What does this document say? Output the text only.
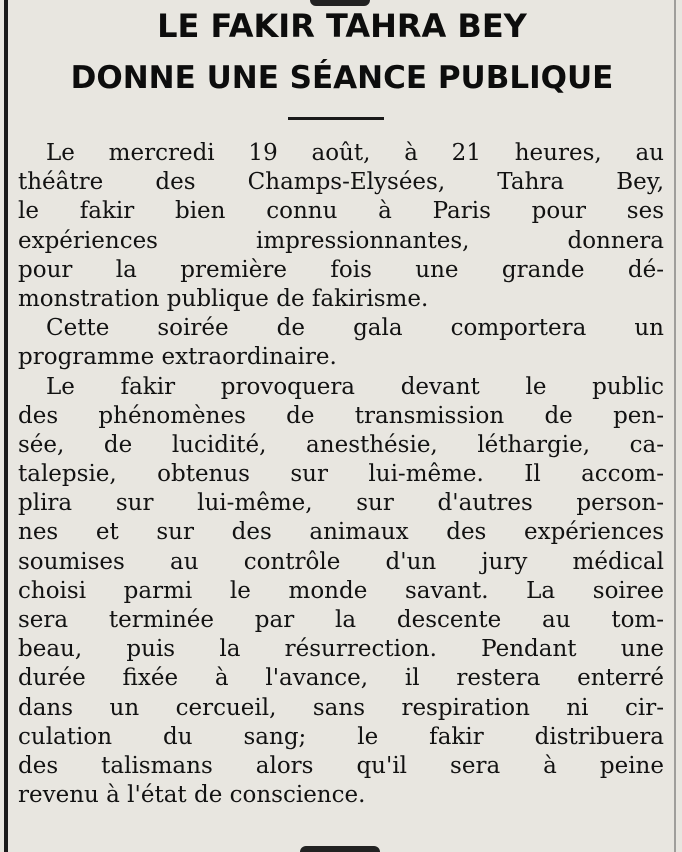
LE FAKIR TAHRA BEY
DONNE UNE SÉANCE PUBLIQUE
Le mercredi 19 août, à 21 heures, au
théâtre des Champs-Elysées, Tahra Bey,
le fakir bien connu à Paris pour ses
expériences impressionnantes, donnera
pour la première fois une grande dé-
monstration publique de fakirisme.
Cette soirée de gala comportera un
programme extraordinaire.
Le fakir provoquera devant le public
des phénomènes de transmission de pen-
sée, de lucidité, anesthésie, léthargie, ca-
talepsie, obtenus sur lui-même. Il accom-
plira sur lui-même, sur d'autres person-
nes et sur des animaux des expériences
soumises au contrôle d'un jury médical
choisi parmi le monde savant. La soiree
sera terminée par la descente au tom-
beau, puis la résurrection. Pendant une
durée fixée à l'avance, il restera enterré
dans un cercueil, sans respiration ni cir-
culation du sang; le fakir distribuera
des talismans alors qu'il sera à peine
revenu à l'état de conscience.
